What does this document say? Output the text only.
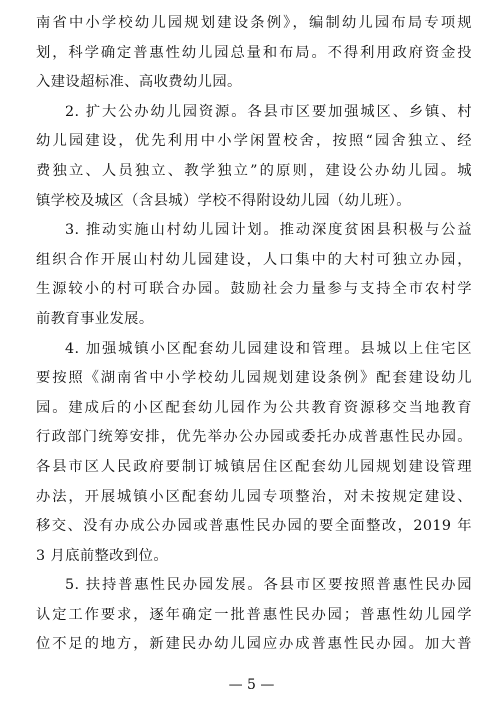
南省中小学校幼儿园规划建设条例》，编制幼儿园布局专项规
划，科学确定普惠性幼儿园总量和布局。不得利用政府资金投
入建设超标准、高收费幼儿园。
2. 扩大公办幼儿园资源。各县市区要加强城区、乡镇、村
幼儿园建设，优先利用中小学闲置校舍，按照“园舍独立、经
费独立、人员独立、教学独立”的原则，建设公办幼儿园。城
镇学校及城区（含县城）学校不得附设幼儿园（幼儿班）。
3. 推动实施山村幼儿园计划。推动深度贫困县积极与公益
组织合作开展山村幼儿园建设，人口集中的大村可独立办园，
生源较小的村可联合办园。鼓励社会力量参与支持全市农村学
前教育事业发展。
4. 加强城镇小区配套幼儿园建设和管理。县城以上住宅区
要按照《湖南省中小学校幼儿园规划建设条例》配套建设幼儿
园。建成后的小区配套幼儿园作为公共教育资源移交当地教育
行政部门统筹安排，优先举办公办园或委托办成普惠性民办园。
各县市区人民政府要制订城镇居住区配套幼儿园规划建设管理
办法，开展城镇小区配套幼儿园专项整治，对未按规定建设、
移交、没有办成公办园或普惠性民办园的要全面整改，2019 年
3 月底前整改到位。
5. 扶持普惠性民办园发展。各县市区要按照普惠性民办园
认定工作要求，逐年确定一批普惠性民办园；普惠性幼儿园学
位不足的地方，新建民办幼儿园应办成普惠性民办园。加大普
— 5 —
